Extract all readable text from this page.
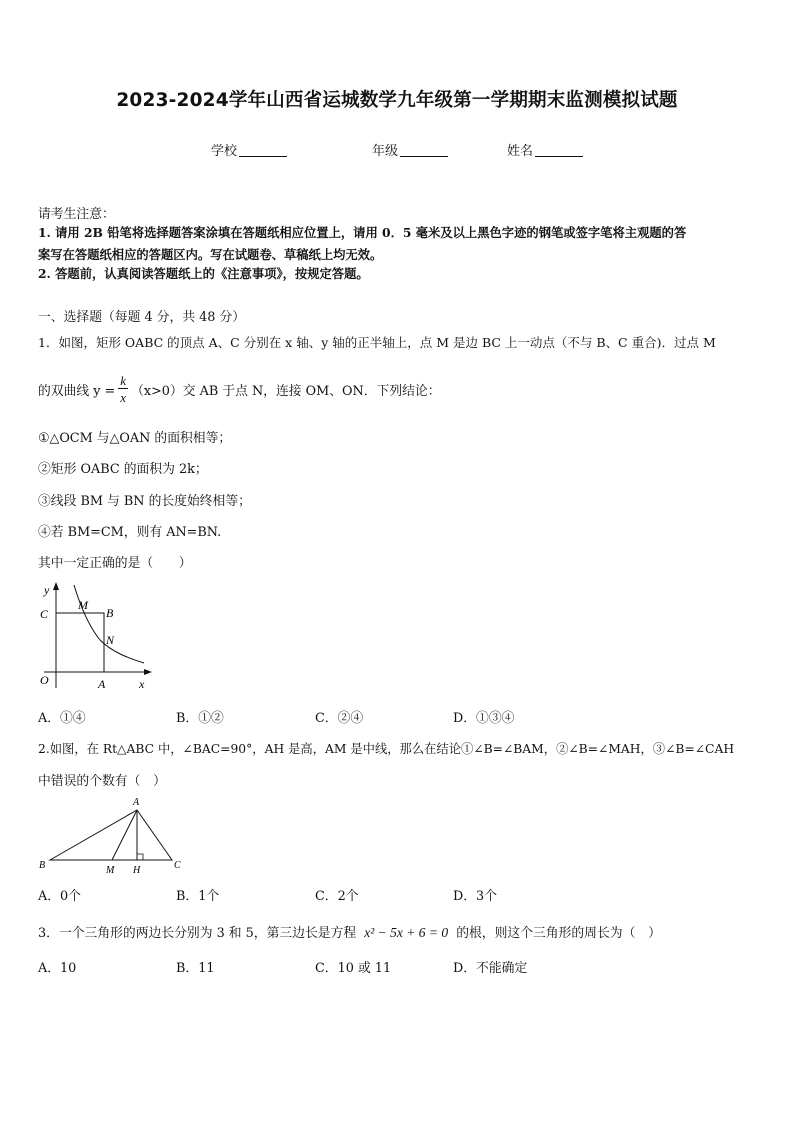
2023-2024学年山西省运城数学九年级第一学期期末监测模拟试题
学校	年级	姓名
请考生注意：
1. 请用 2B 铅笔将选择题答案涂填在答题纸相应位置上，请用 0．5 毫米及以上黑色字迹的钢笔或签字笔将主观题的答
案写在答题纸相应的答题区内。写在试题卷、草稿纸上均无效。
2. 答题前，认真阅读答题纸上的《注意事项》，按规定答题。
一、选择题（每题 4 分，共 48 分）
1．如图，矩形 OABC 的顶点 A、C 分别在 x 轴、y 轴的正半轴上，点 M 是边 BC 上一动点（不与 B、C 重合)．过点 M
的双曲线 $y = \frac{k}{x} (x>0)$交 AB 于点 N，连接 OM、ON．下列结论：
①△OCM 与△OAN 的面积相等；
②矩形 OABC 的面积为 2k；
③线段 BM 与 BN 的长度始终相等；
④若 BM=CM，则有 AN=BN.
其中一定正确的是（　　）
y
C
M
B
N
O	A	x
A．①④	B．①②	C．②④	D．①③④
2.如图，在 Rt△ABC 中，∠BAC=90°，AH 是高，AM 是中线，那么在结论①∠B=∠BAM，②∠B=∠MAH，③∠B=∠CAH
中错误的个数有（　）
A
B	C
M H
A．0个	B．1个	C．2个	D．3个
3．一个三角形的两边长分别为 3 和 5，第三边长是方程 x² − 5x + 6 = 0 的根，则这个三角形的周长为（　）
A．10	B．11	C．10 或 11	D．不能确定
